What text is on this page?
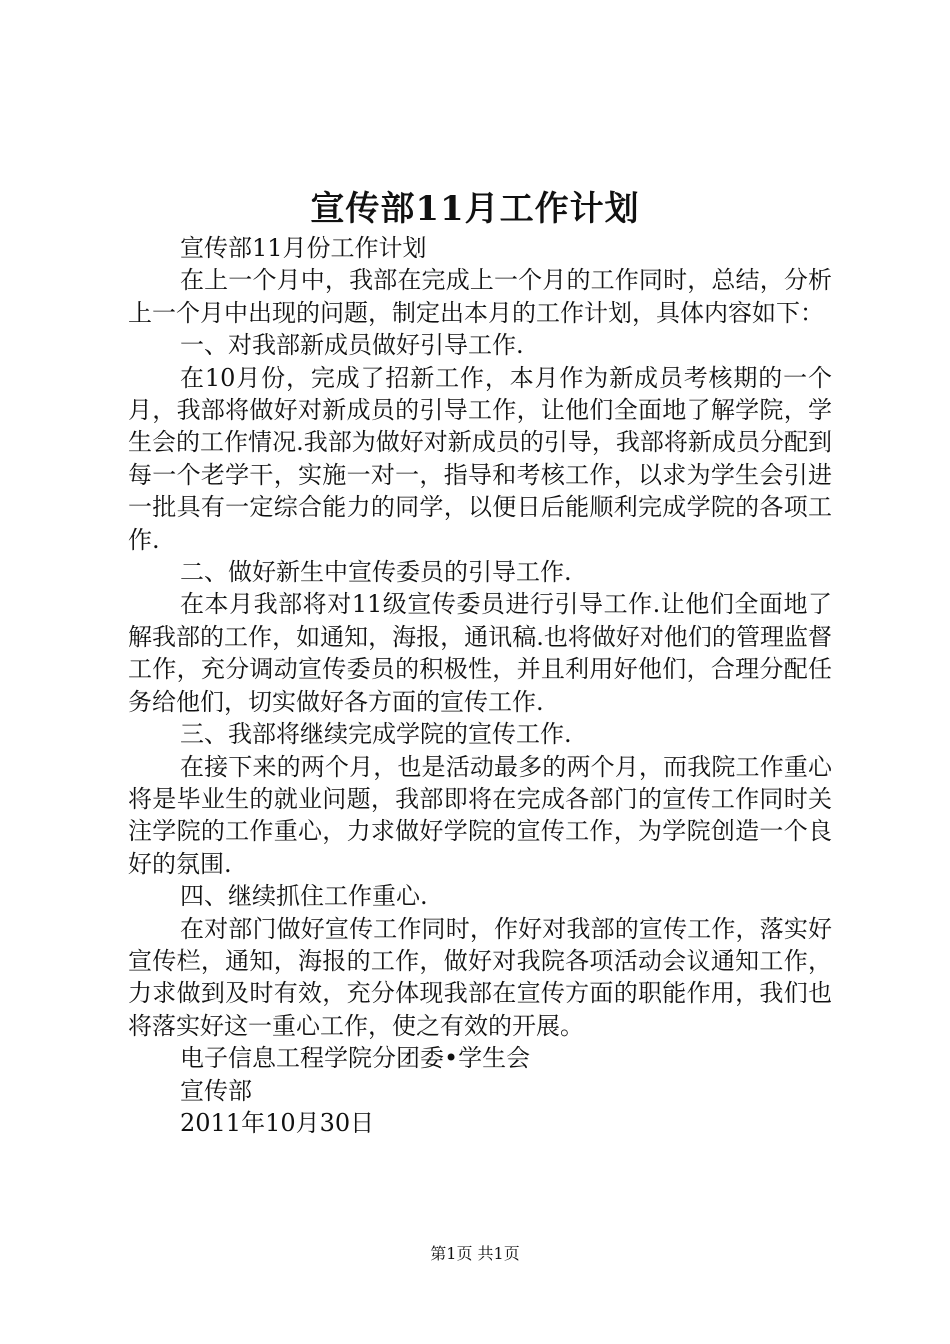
宣传部11月工作计划

宣传部11月份工作计划

在上一个月中，我部在完成上一个月的工作同时，总结，分析上一个月中出现的问题，制定出本月的工作计划，具体内容如下：

一、对我部新成员做好引导工作.

在10月份，完成了招新工作，本月作为新成员考核期的一个月，我部将做好对新成员的引导工作，让他们全面地了解学院，学生会的工作情况.我部为做好对新成员的引导，我部将新成员分配到每一个老学干，实施一对一，指导和考核工作，以求为学生会引进一批具有一定综合能力的同学，以便日后能顺利完成学院的各项工作.

二、做好新生中宣传委员的引导工作.

在本月我部将对11级宣传委员进行引导工作.让他们全面地了解我部的工作，如通知，海报，通讯稿.也将做好对他们的管理监督工作，充分调动宣传委员的积极性，并且利用好他们，合理分配任务给他们，切实做好各方面的宣传工作.

三、我部将继续完成学院的宣传工作.

在接下来的两个月，也是活动最多的两个月，而我院工作重心将是毕业生的就业问题，我部即将在完成各部门的宣传工作同时关注学院的工作重心，力求做好学院的宣传工作，为学院创造一个良好的氛围.

四、继续抓住工作重心.

在对部门做好宣传工作同时，作好对我部的宣传工作，落实好宣传栏，通知，海报的工作，做好对我院各项活动会议通知工作，力求做到及时有效，充分体现我部在宣传方面的职能作用，我们也将落实好这一重心工作，使之有效的开展。

电子信息工程学院分团委•学生会

宣传部

2011年10月30日

第1页 共1页
